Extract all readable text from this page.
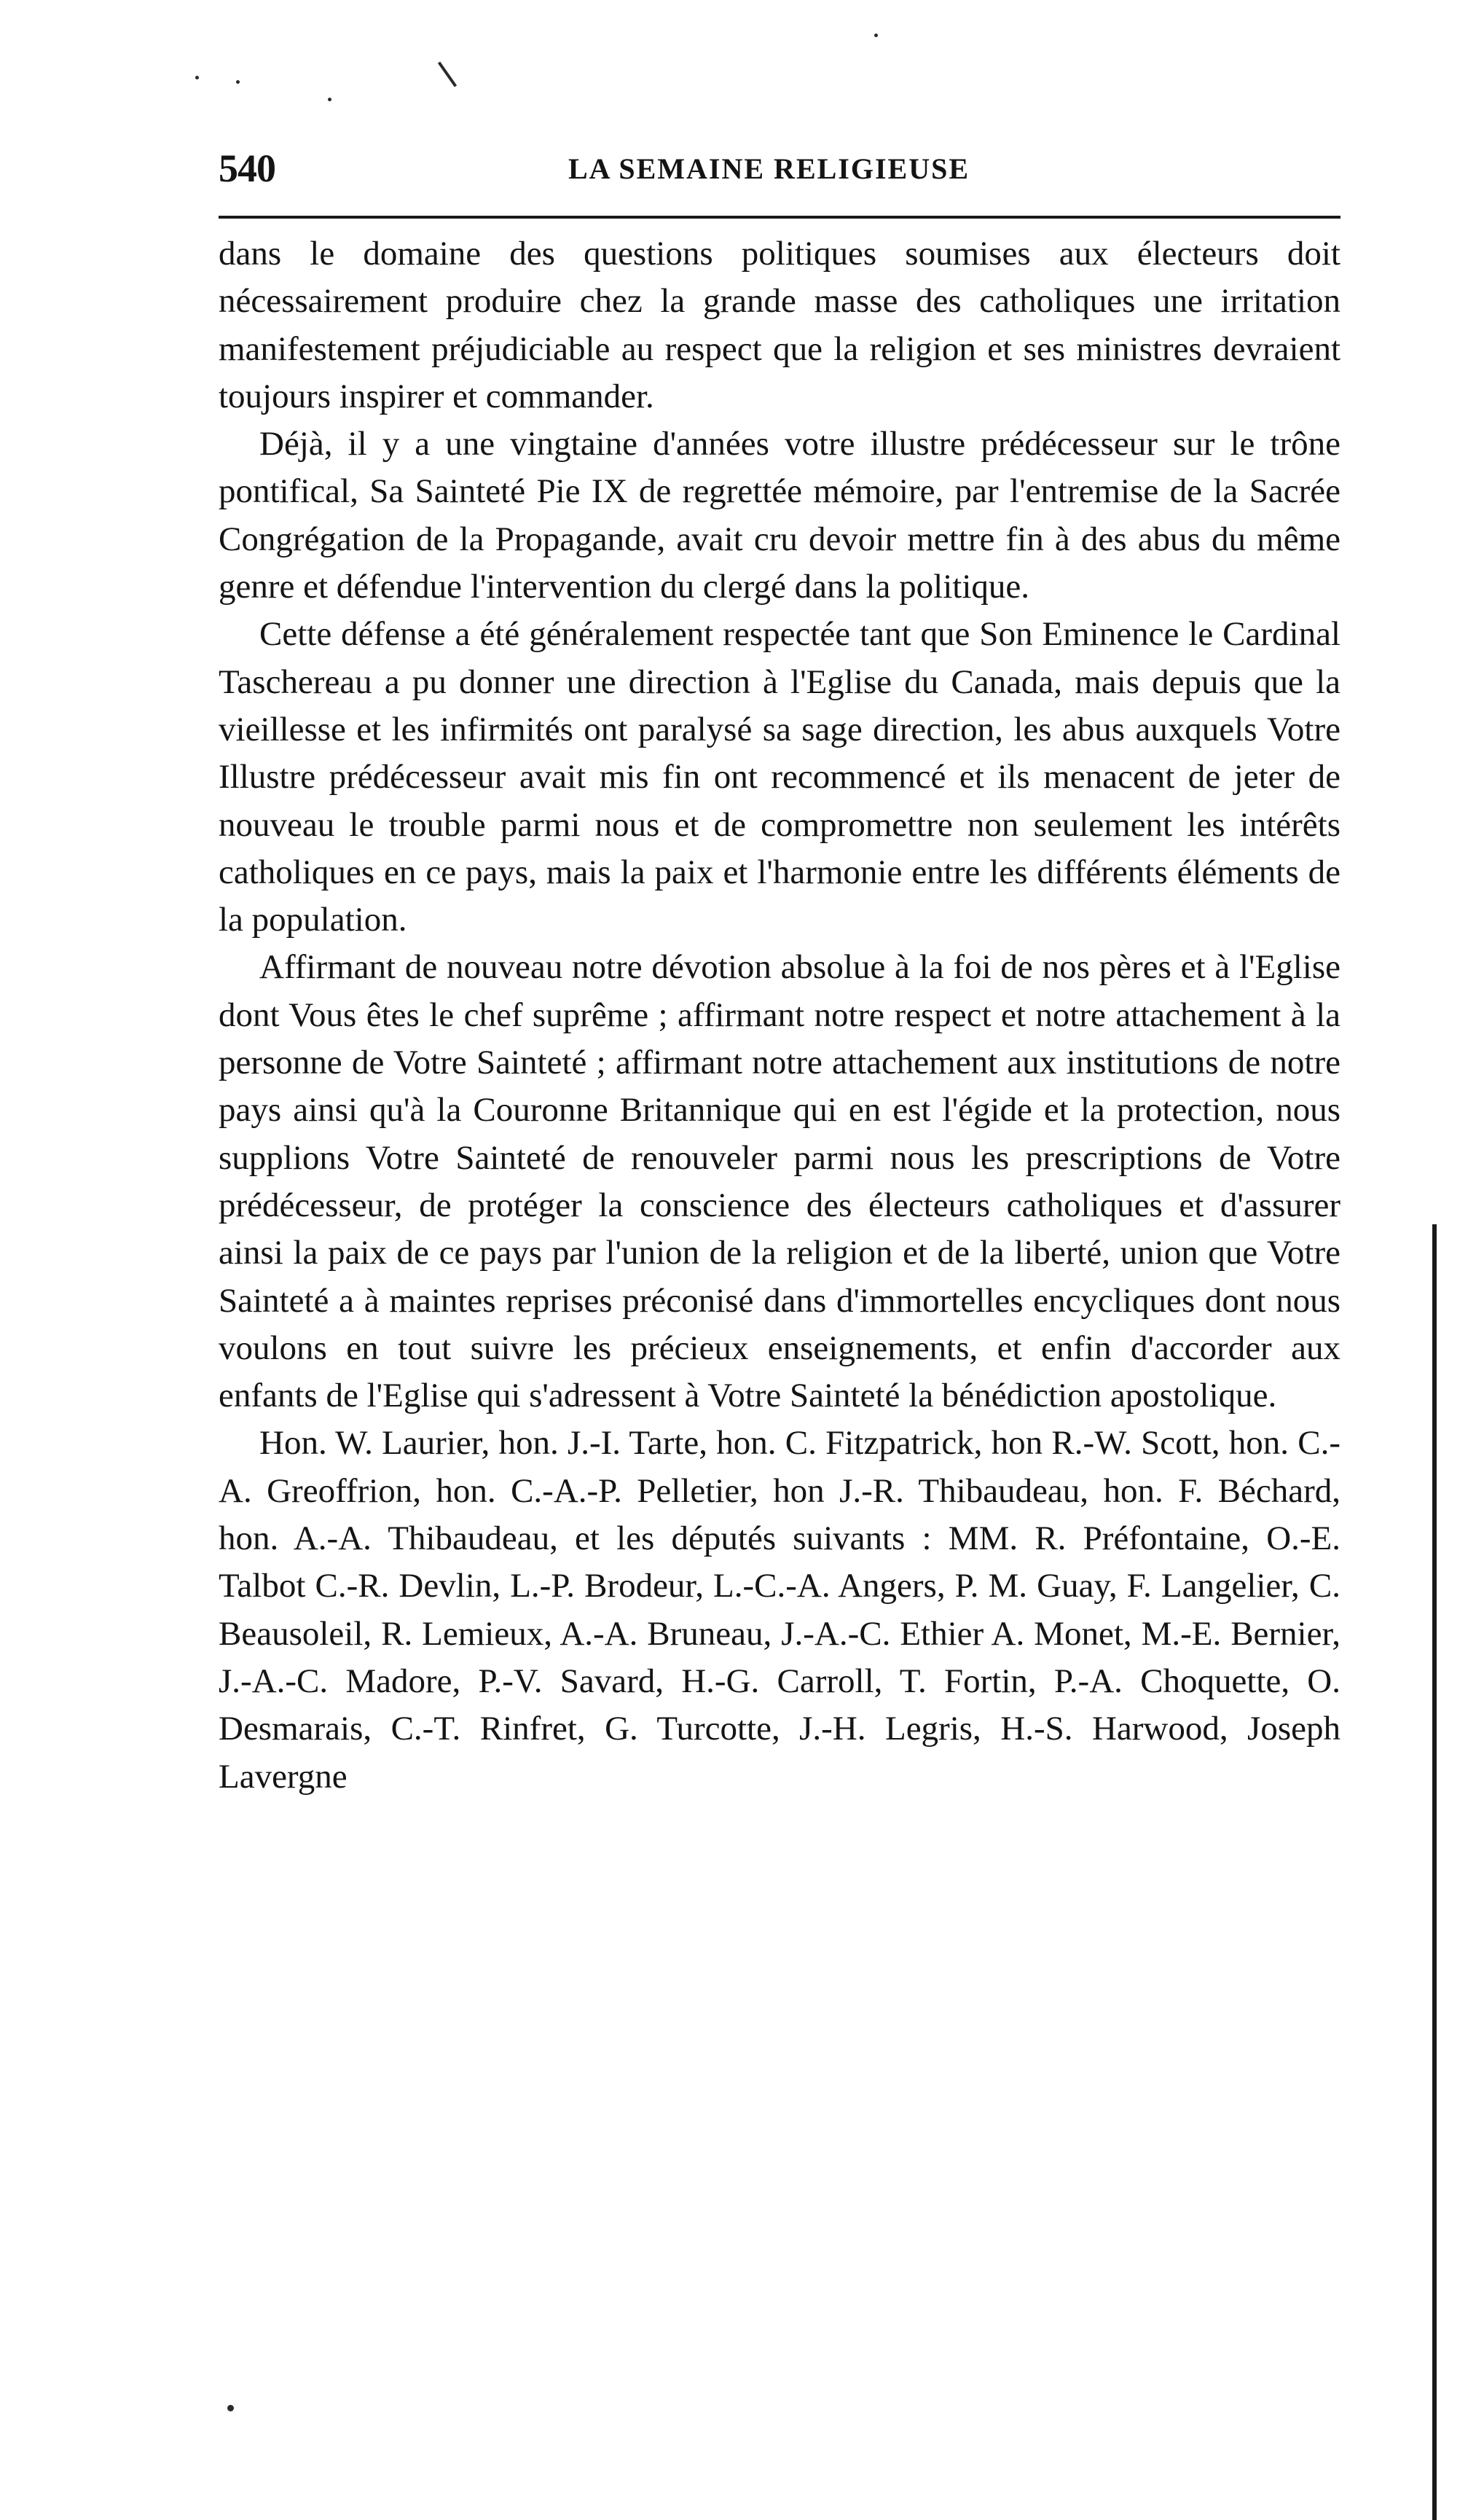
540	LA SEMAINE RELIGIEUSE

dans le domaine des questions politiques soumises aux électeurs doit nécessairement produire chez la grande masse des catholiques une irritation manifestement préjudiciable au respect que la religion et ses ministres devraient toujours inspirer et commander.

Déjà, il y a une vingtaine d'années votre illustre prédécesseur sur le trône pontifical, Sa Sainteté Pie IX de regrettée mémoire, par l'entremise de la Sacrée Congrégation de la Propagande, avait cru devoir mettre fin à des abus du même genre et défendue l'intervention du clergé dans la politique.

Cette défense a été généralement respectée tant que Son Eminence le Cardinal Taschereau a pu donner une direction à l'Eglise du Canada, mais depuis que la vieillesse et les infirmités ont paralysé sa sage direction, les abus auxquels Votre Illustre prédécesseur avait mis fin ont recommencé et ils menacent de jeter de nouveau le trouble parmi nous et de compromettre non seulement les intérêts catholiques en ce pays, mais la paix et l'harmonie entre les différents éléments de la population.

Affirmant de nouveau notre dévotion absolue à la foi de nos pères et à l'Eglise dont Vous êtes le chef suprême ; affirmant notre respect et notre attachement à la personne de Votre Sainteté ; affirmant notre attachement aux institutions de notre pays ainsi qu'à la Couronne Britannique qui en est l'égide et la protection, nous supplions Votre Sainteté de renouveler parmi nous les prescriptions de Votre prédécesseur, de protéger la conscience des électeurs catholiques et d'assurer ainsi la paix de ce pays par l'union de la religion et de la liberté, union que Votre Sainteté a à maintes reprises préconisé dans d'immortelles encycliques dont nous voulons en tout suivre les précieux enseignements, et enfin d'accorder aux enfants de l'Eglise qui s'adressent à Votre Sainteté la bénédiction apostolique.

Hon. W. Laurier, hon. J.-I. Tarte, hon. C. Fitzpatrick, hon R.-W. Scott, hon. C.-A. Greoffrion, hon. C.-A.-P. Pelletier, hon J.-R. Thibaudeau, hon. F. Béchard, hon. A.-A. Thibaudeau, et les députés suivants : MM. R. Préfontaine, O.-E. Talbot C.-R. Devlin, L.-P. Brodeur, L.-C.-A. Angers, P. M. Guay, F. Langelier, C. Beausoleil, R. Lemieux, A.-A. Bruneau, J.-A.-C. Ethier A. Monet, M.-E. Bernier, J.-A.-C. Madore, P.-V. Savard, H.-G. Carroll, T. Fortin, P.-A. Choquette, O. Desmarais, C.-T. Rinfret, G. Turcotte, J.-H. Legris, H.-S. Harwood, Joseph Lavergne
